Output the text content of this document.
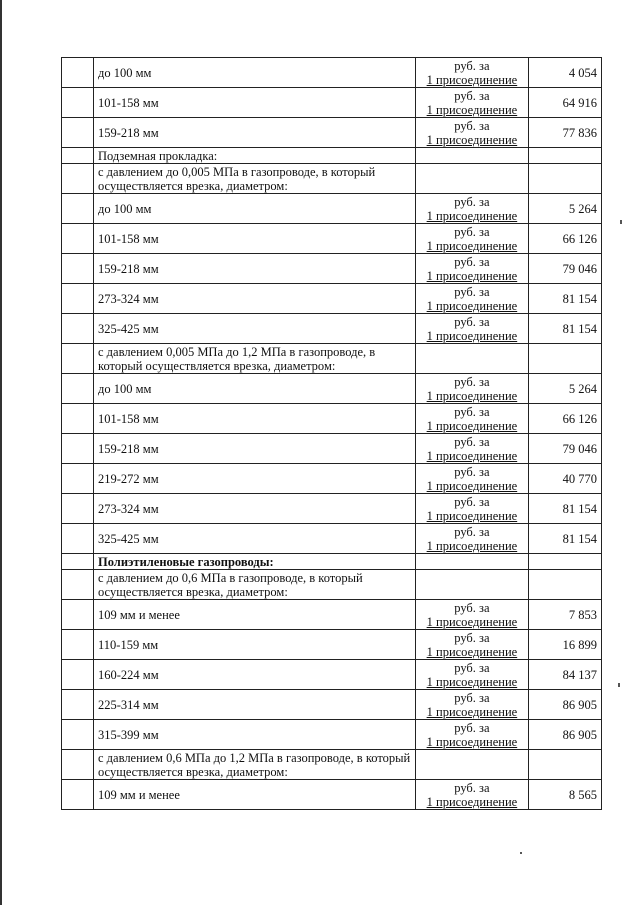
	до 100 мм	руб. за
1 присоединение	4 054
	101-158 мм	руб. за
1 присоединение	64 916
	159-218 мм	руб. за
1 присоединение	77 836
	Подземная прокладка:		
	с давлением до 0,005 МПа в газопроводе, в который осуществляется врезка, диаметром:		
	до 100 мм	руб. за
1 присоединение	5 264
	101-158 мм	руб. за
1 присоединение	66 126
	159-218 мм	руб. за
1 присоединение	79 046
	273-324 мм	руб. за
1 присоединение	81 154
	325-425 мм	руб. за
1 присоединение	81 154
	с давлением 0,005 МПа до 1,2 МПа в газопроводе, в который осуществляется врезка, диаметром:		
	до 100 мм	руб. за
1 присоединение	5 264
	101-158 мм	руб. за
1 присоединение	66 126
	159-218 мм	руб. за
1 присоединение	79 046
	219-272 мм	руб. за
1 присоединение	40 770
	273-324 мм	руб. за
1 присоединение	81 154
	325-425 мм	руб. за
1 присоединение	81 154
	Полиэтиленовые газопроводы:		
	с давлением до 0,6 МПа в газопроводе, в который осуществляется врезка, диаметром:		
	109 мм и менее	руб. за
1 присоединение	7 853
	110-159 мм	руб. за
1 присоединение	16 899
	160-224 мм	руб. за
1 присоединение	84 137
	225-314 мм	руб. за
1 присоединение	86 905
	315-399 мм	руб. за
1 присоединение	86 905
	с давлением 0,6 МПа до 1,2 МПа в газопроводе, в который осуществляется врезка, диаметром:		
	109 мм и менее	руб. за
1 присоединение	8 565
